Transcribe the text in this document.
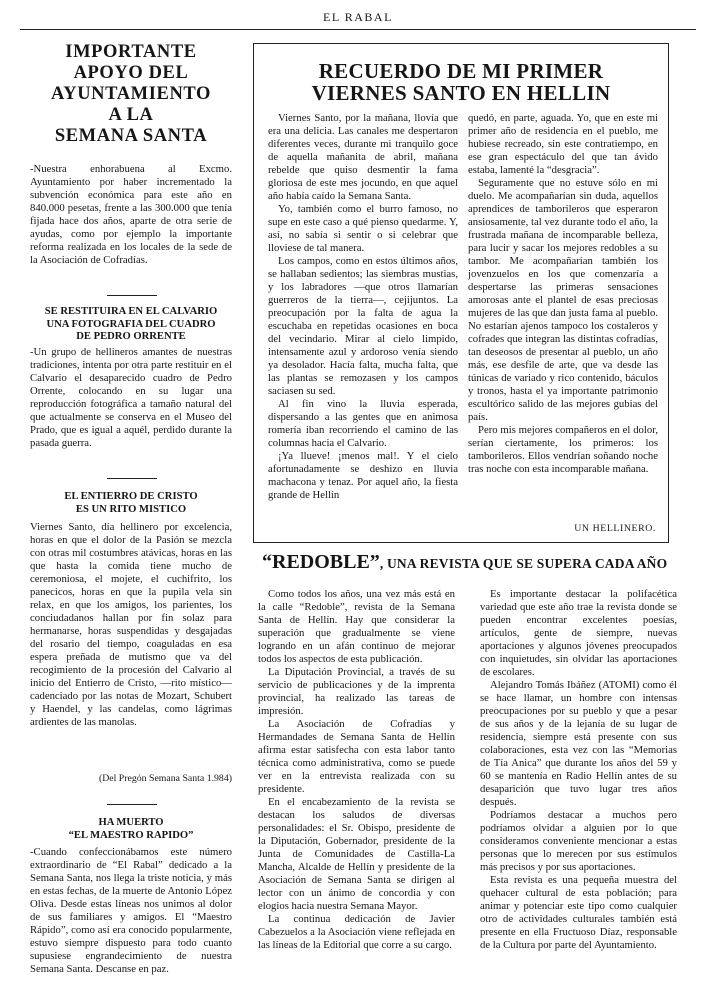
EL RABAL
IMPORTANTE
APOYO DEL
AYUNTAMIENTO
A LA
SEMANA SANTA
-Nuestra enhorabuena al Excmo. Ayuntamiento por haber incrementado la subvención económica para este año en 840.000 pesetas, frente a las 300.000 que tenía fijada hace dos años, aparte de otra serie de ayudas, como por ejemplo la importante reforma realizada en los locales de la sede de la Asociación de Cofradías.
SE RESTITUIRA EN EL CALVARIO
UNA FOTOGRAFIA DEL CUADRO
DE PEDRO ORRENTE
-Un grupo de hellineros amantes de nuestras tradiciones, intenta por otra parte restituir en el Calvario el desaparecido cuadro de Pedro Orrente, colocando en su lugar una reproducción fotográfica a tamaño natural del que actualmente se conserva en el Museo del Prado, que es igual a aquél, perdido durante la pasada guerra.
EL ENTIERRO DE CRISTO
ES UN RITO MISTICO
Viernes Santo, día hellinero por excelencia, horas en que el dolor de la Pasión se mezcla con otras mil costumbres atávicas, horas en las que hasta la comida tiene mucho de ceremoniosa, el mojete, el cuchifrito, los panecicos, horas en que la pupila vela sin relax, en que los amigos, los parientes, los conciudadanos hallan por fin solaz para hermanarse, horas suspendidas y desgajadas del rosario del tiempo, coaguladas en esa espera preñada de mutismo que va del recogimiento de la procesión del Calvario al inicio del Entierro de Cristo, —rito místico— cadenciado por las notas de Mozart, Schubert y Haendel, y las candelas, como lágrimas ardientes de las manolas.
(Del Pregón Semana Santa 1.984)
HA MUERTO
“EL MAESTRO RAPIDO”
-Cuando confeccionábamos este número extraordinario de “El Rabal” dedicado a la Semana Santa, nos llega la triste noticia, y más en estas fechas, de la muerte de Antonio López Oliva. Desde estas líneas nos unimos al dolor de sus familiares y amigos. El “Maestro Rápido”, como así era conocido popularmente, estuvo siempre dispuesto para todo cuanto supusiese engrandecimiento de nuestra Semana Santa. Descanse en paz.
RECUERDO DE MI PRIMER
VIERNES SANTO EN HELLIN
Viernes Santo, por la mañana, llovía que era una delicia. Las canales me despertaron diferentes veces, durante mi tranquilo goce de aquella mañanita de abril, mañana rebelde que quiso desmentir la fama gloriosa de este mes jocundo, en que aquel año había caído la Semana Santa.
Yo, también como el burro famoso, no supe en este caso a qué pienso quedarme. Y, así, no sabía si sentir o si celebrar que lloviese de tal manera.
Los campos, como en estos últimos años, se hallaban sedientos; las siembras mustias, y los labradores —que otros llamarían guerreros de la tierra—, cejijuntos. La preocupación por la falta de agua la escuchaba en repetidas ocasiones en boca del vecindario. Mirar al cielo limpido, intensamente azul y ardoroso venía siendo ya desolador. Hacía falta, mucha falta, que las plantas se remozasen y los campos saciasen su sed.
Al fin vino la lluvia esperada, dispersando a las gentes que en animosa romería iban recorriendo el camino de las columnas hacia el Calvario.
¡Ya llueve! ¡menos mal!. Y el cielo afortunadamente se deshizo en lluvia machacona y tenaz. Por aquel año, la fiesta grande de Hellín
quedó, en parte, aguada. Yo, que en este mi primer año de residencia en el pueblo, me hubiese recreado, sin este contratiempo, en ese gran espectáculo del que tan ávido estaba, lamenté la “desgracia”.
Seguramente que no estuve sólo en mi duelo. Me acompañarían sin duda, aquellos aprendices de tamborileros que esperaron ansiosamente, tal vez durante todo el año, la frustrada mañana de incomparable belleza, para lucir y sacar los mejores redobles a su tambor. Me acompañarían también los jovenzuelos en los que comenzaría a despertarse las primeras sensaciones amorosas ante el plantel de esas preciosas mujeres de las que dan justa fama al pueblo. No estarían ajenos tampoco los costaleros y cofrades que integran las distintas cofradías, tan deseosos de presentar al pueblo, un año más, ese desfile de arte, que va desde las túnicas de variado y rico contenido, báculos y tronos, hasta el ya importante patrimonio escultórico salido de las mejores gubias del país.
Pero mis mejores compañeros en el dolor, serían ciertamente, los primeros: los tamborileros. Ellos vendrían soñando noche tras noche con esta incomparable mañana.
UN HELLINERO.
“REDOBLE”, UNA REVISTA QUE SE SUPERA CADA AÑO
Como todos los años, una vez más está en la calle “Redoble”, revista de la Semana Santa de Hellín. Hay que considerar la superación que gradualmente se viene logrando en un afán continuo de mejorar todos los aspectos de esta publicación.
La Diputación Provincial, a través de su servicio de publicaciones y de la imprenta provincial, ha realizado las tareas de impresión.
La Asociación de Cofradías y Hermandades de Semana Santa de Hellín afirma estar satisfecha con esta labor tanto técnica como administrativa, como se puede ver en la entrevista realizada con su presidente.
En el encabezamiento de la revista se destacan los saludos de diversas personalidades: el Sr. Obispo, presidente de la Diputación, Gobernador, presidente de la Junta de Comunidades de Castilla-La Mancha, Alcalde de Hellín y presidente de la Asociación de Semana Santa se dirigen al lector con un ánimo de concordia y con elogios hacia nuestra Semana Mayor.
La continua dedicación de Javier Cabezuelos a la Asociación viene reflejada en las líneas de la Editorial que corre a su cargo.
Es importante destacar la polifacética variedad que este año trae la revista donde se pueden encontrar excelentes poesías, artículos, gente de siempre, nuevas aportaciones y algunos jóvenes preocupados con inquietudes, sin olvidar las aportaciones de escolares.
Alejandro Tomás Ibáñez (ATOMI) como él se hace llamar, un hombre con intensas preocupaciones por su pueblo y que a pesar de sus años y de la lejanía de su lugar de residencia, siempre está presente con sus colaboraciones, esta vez con las “Memorias de Tía Anica” que durante los años del 59 y 60 se mantenía en Radio Hellín antes de su desaparición que tuvo lugar tres años después.
Podríamos destacar a muchos pero podríamos olvidar a alguien por lo que consideramos conveniente mencionar a estas personas que lo merecen por sus estímulos más precisos y por sus aportaciones.
Esta revista es una pequeña muestra del quehacer cultural de esta población; para animar y potenciar este tipo como cualquier otro de actividades culturales también está presente en ella Fructuoso Díaz, responsable de la Cultura por parte del Ayuntamiento.
